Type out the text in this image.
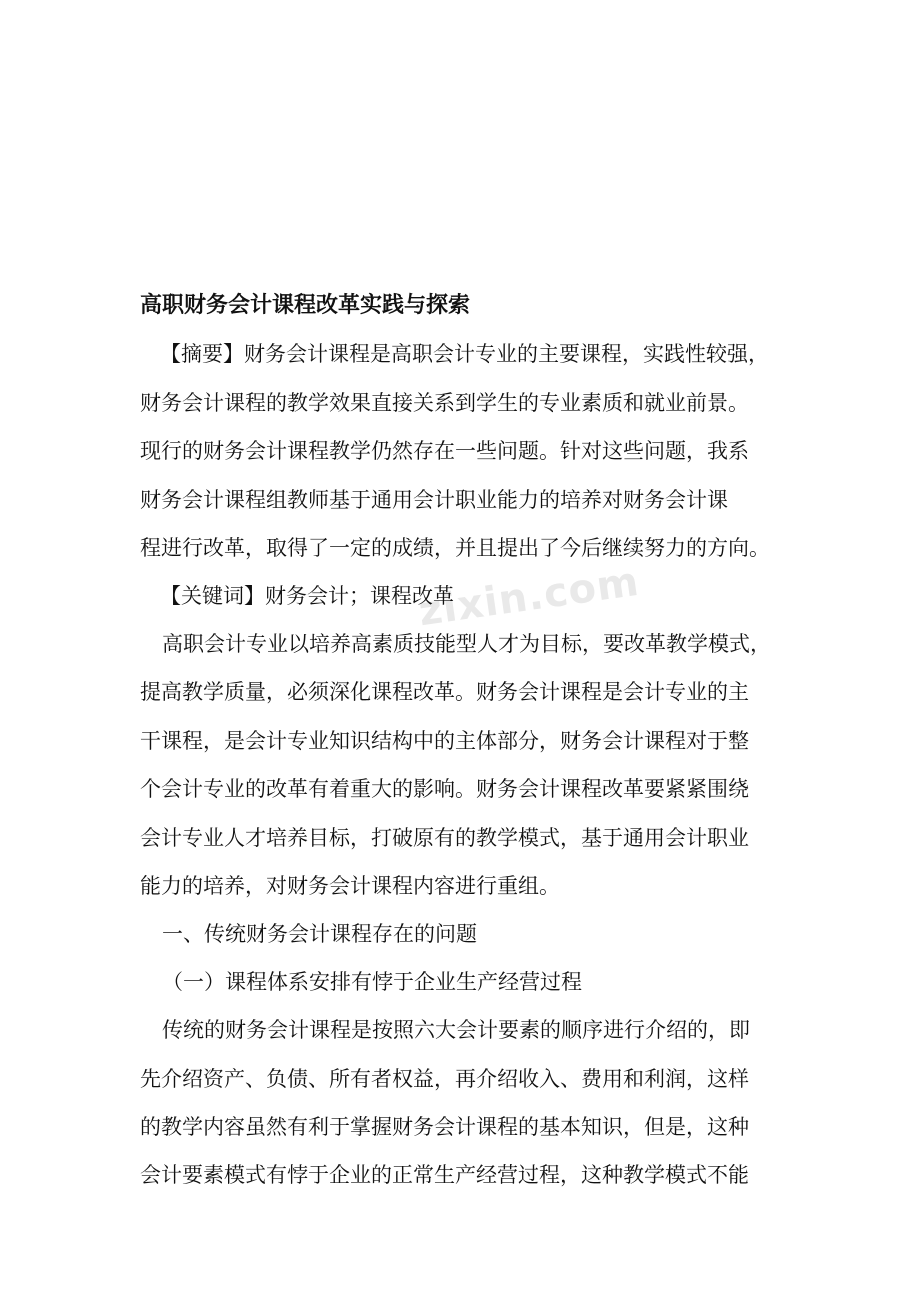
zixin.com
高职财务会计课程改革实践与探索
【摘要】财务会计课程是高职会计专业的主要课程，实践性较强，
财务会计课程的教学效果直接关系到学生的专业素质和就业前景。
现行的财务会计课程教学仍然存在一些问题。针对这些问题，我系
财务会计课程组教师基于通用会计职业能力的培养对财务会计课
程进行改革，取得了一定的成绩，并且提出了今后继续努力的方向。
【关键词】财务会计；课程改革
高职会计专业以培养高素质技能型人才为目标，要改革教学模式，
提高教学质量，必须深化课程改革。财务会计课程是会计专业的主
干课程，是会计专业知识结构中的主体部分，财务会计课程对于整
个会计专业的改革有着重大的影响。财务会计课程改革要紧紧围绕
会计专业人才培养目标，打破原有的教学模式，基于通用会计职业
能力的培养，对财务会计课程内容进行重组。
一、传统财务会计课程存在的问题
（一）课程体系安排有悖于企业生产经营过程
传统的财务会计课程是按照六大会计要素的顺序进行介绍的，即
先介绍资产、负债、所有者权益，再介绍收入、费用和利润，这样
的教学内容虽然有利于掌握财务会计课程的基本知识，但是，这种
会计要素模式有悖于企业的正常生产经营过程，这种教学模式不能
